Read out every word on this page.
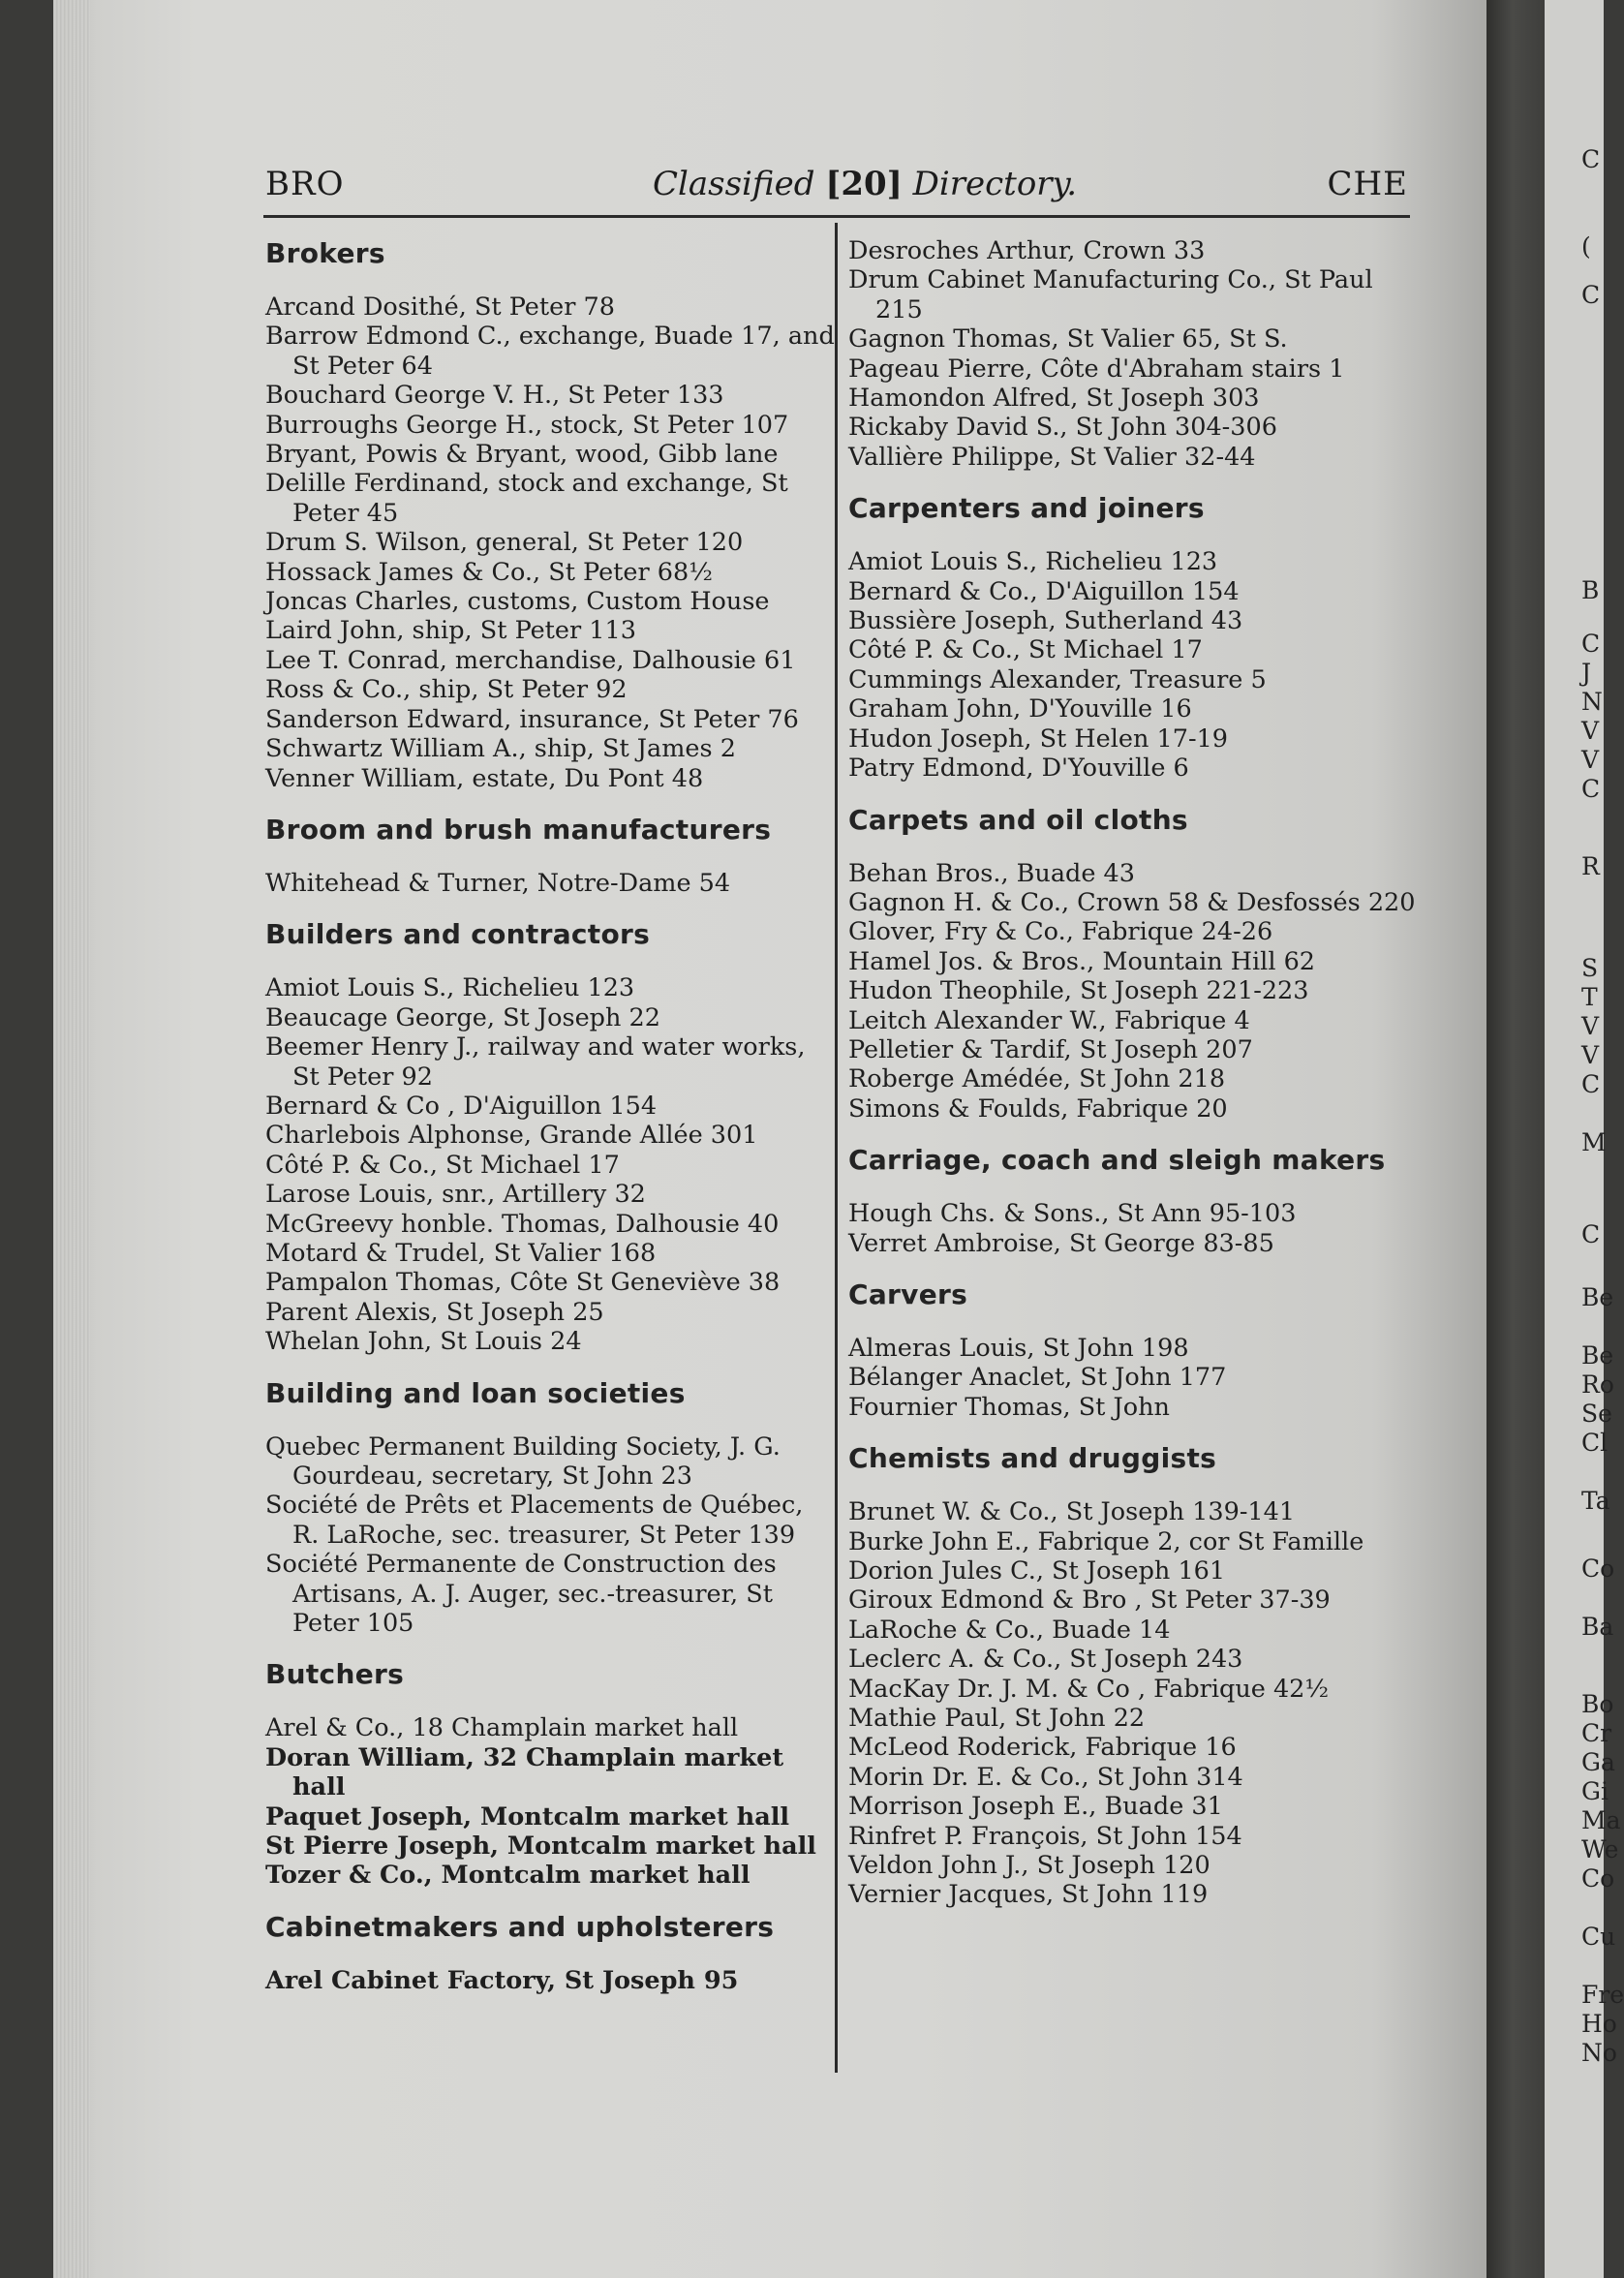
C
(
C
B
C
J
N
V
V
C
R
S
T
V
V
C
M
C
Be
Be
Ro
Se
Cl
Ta
Co
Ba
Bo
Cr
Ga
Gi
Ma
We
Co
Cu
Fre
Ho
No
BRO	Classified [20] Directory.	CHE
Brokers

Arcand Dosithé, St Peter 78

Barrow Edmond C., exchange, Buade 17, and St Peter 64

Bouchard George V. H., St Peter 133

Burroughs George H., stock, St Peter 107

Bryant, Powis & Bryant, wood, Gibb lane

Delille Ferdinand, stock and exchange, St Peter 45

Drum S. Wilson, general, St Peter 120

Hossack James & Co., St Peter 68½

Joncas Charles, customs, Custom House

Laird John, ship, St Peter 113

Lee T. Conrad, merchandise, Dalhousie 61

Ross & Co., ship, St Peter 92

Sanderson Edward, insurance, St Peter 76

Schwartz William A., ship, St James 2

Venner William, estate, Du Pont 48

Broom and brush manufacturers

Whitehead & Turner, Notre-Dame 54

Builders and contractors

Amiot Louis S., Richelieu 123

Beaucage George, St Joseph 22

Beemer Henry J., railway and water works, St Peter 92

Bernard & Co , D'Aiguillon 154

Charlebois Alphonse, Grande Allée 301

Côté P. & Co., St Michael 17

Larose Louis, snr., Artillery 32

McGreevy honble. Thomas, Dalhousie 40

Motard & Trudel, St Valier 168

Pampalon Thomas, Côte St Geneviève 38

Parent Alexis, St Joseph 25

Whelan John, St Louis 24

Building and loan societies

Quebec Permanent Building Society, J. G. Gourdeau, secretary, St John 23

Société de Prêts et Placements de Québec, R. LaRoche, sec. treasurer, St Peter 139

Société Permanente de Construction des Artisans, A. J. Auger, sec.-treasurer, St Peter 105

Butchers

Arel & Co., 18 Champlain market hall

Doran William, 32 Champlain market hall

Paquet Joseph, Montcalm market hall

St Pierre Joseph, Montcalm market hall

Tozer & Co., Montcalm market hall

Cabinetmakers and upholsterers

Arel Cabinet Factory, St Joseph 95

Desroches Arthur, Crown 33

Drum Cabinet Manufacturing Co., St Paul 215

Gagnon Thomas, St Valier 65, St S.

Pageau Pierre, Côte d'Abraham stairs 1

Hamondon Alfred, St Joseph 303

Rickaby David S., St John 304-306

Vallière Philippe, St Valier 32-44

Carpenters and joiners

Amiot Louis S., Richelieu 123

Bernard & Co., D'Aiguillon 154

Bussière Joseph, Sutherland 43

Côté P. & Co., St Michael 17

Cummings Alexander, Treasure 5

Graham John, D'Youville 16

Hudon Joseph, St Helen 17-19

Patry Edmond, D'Youville 6

Carpets and oil cloths

Behan Bros., Buade 43

Gagnon H. & Co., Crown 58 & Desfossés 220

Glover, Fry & Co., Fabrique 24-26

Hamel Jos. & Bros., Mountain Hill 62

Hudon Theophile, St Joseph 221-223

Leitch Alexander W., Fabrique 4

Pelletier & Tardif, St Joseph 207

Roberge Amédée, St John 218

Simons & Foulds, Fabrique 20

Carriage, coach and sleigh makers

Hough Chs. & Sons., St Ann 95-103

Verret Ambroise, St George 83-85

Carvers

Almeras Louis, St John 198

Bélanger Anaclet, St John 177

Fournier Thomas, St John

Chemists and druggists

Brunet W. & Co., St Joseph 139-141

Burke John E., Fabrique 2, cor St Famille

Dorion Jules C., St Joseph 161

Giroux Edmond & Bro , St Peter 37-39

LaRoche & Co., Buade 14

Leclerc A. & Co., St Joseph 243

MacKay Dr. J. M. & Co , Fabrique 42½

Mathie Paul, St John 22

McLeod Roderick, Fabrique 16

Morin Dr. E. & Co., St John 314

Morrison Joseph E., Buade 31

Rinfret P. François, St John 154

Veldon John J., St Joseph 120

Vernier Jacques, St John 119
